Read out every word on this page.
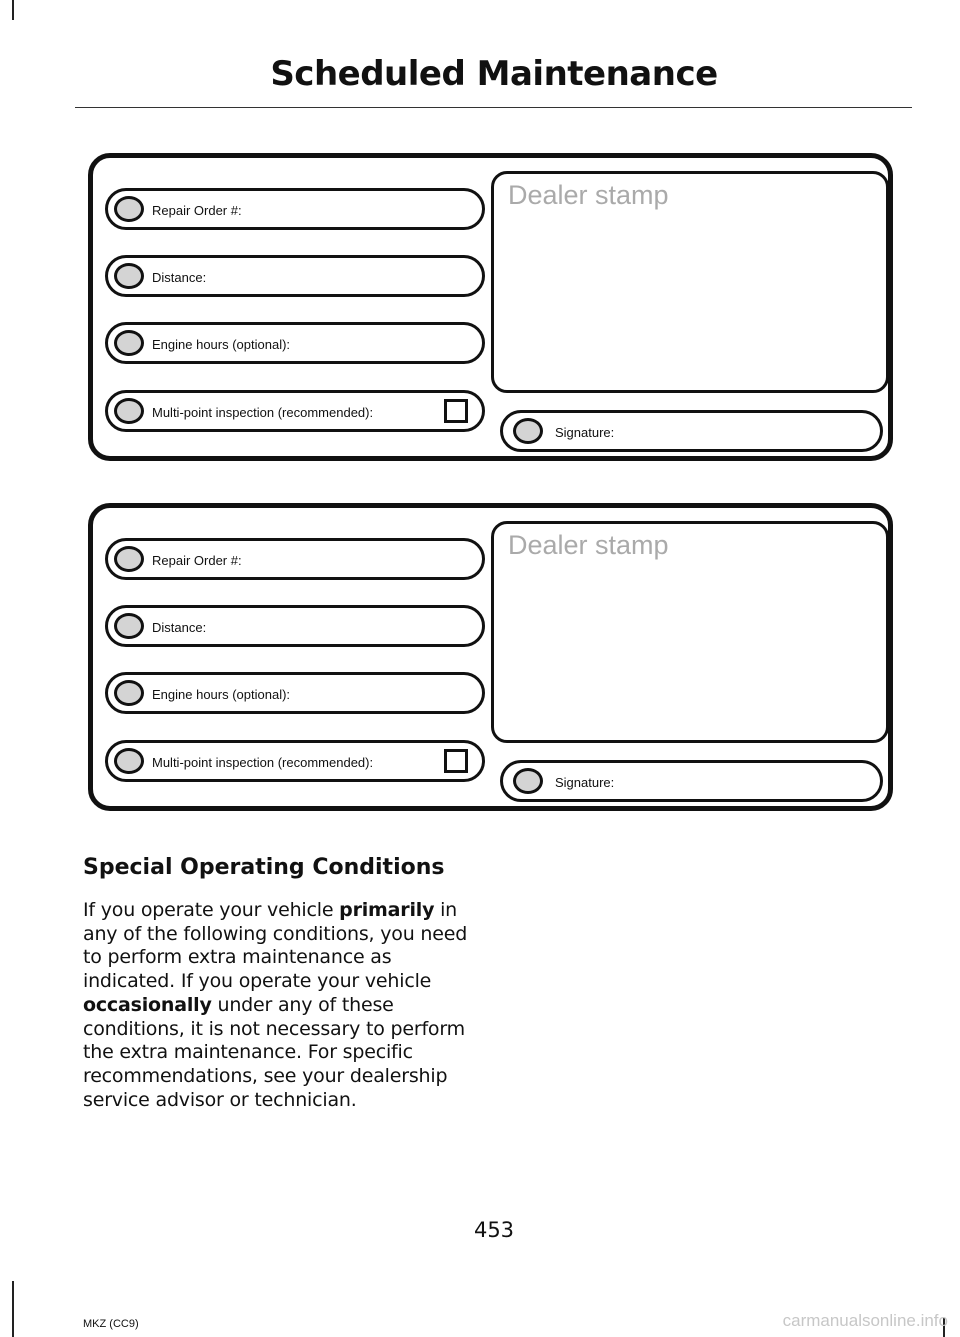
Scheduled Maintenance
Repair Order #:
Distance:
Engine hours (optional):
Multi-point inspection (recommended):
Dealer stamp
Signature:
Repair Order #:
Distance:
Engine hours (optional):
Multi-point inspection (recommended):
Dealer stamp
Signature:
Special Operating Conditions
If you operate your vehicle primarily in any of the following conditions, you need to perform extra maintenance as indicated. If you operate your vehicle occasionally under any of these conditions, it is not necessary to perform the extra maintenance. For specific recommendations, see your dealership service advisor or technician.
453
MKZ (CC9)	carmanualsonline.info
